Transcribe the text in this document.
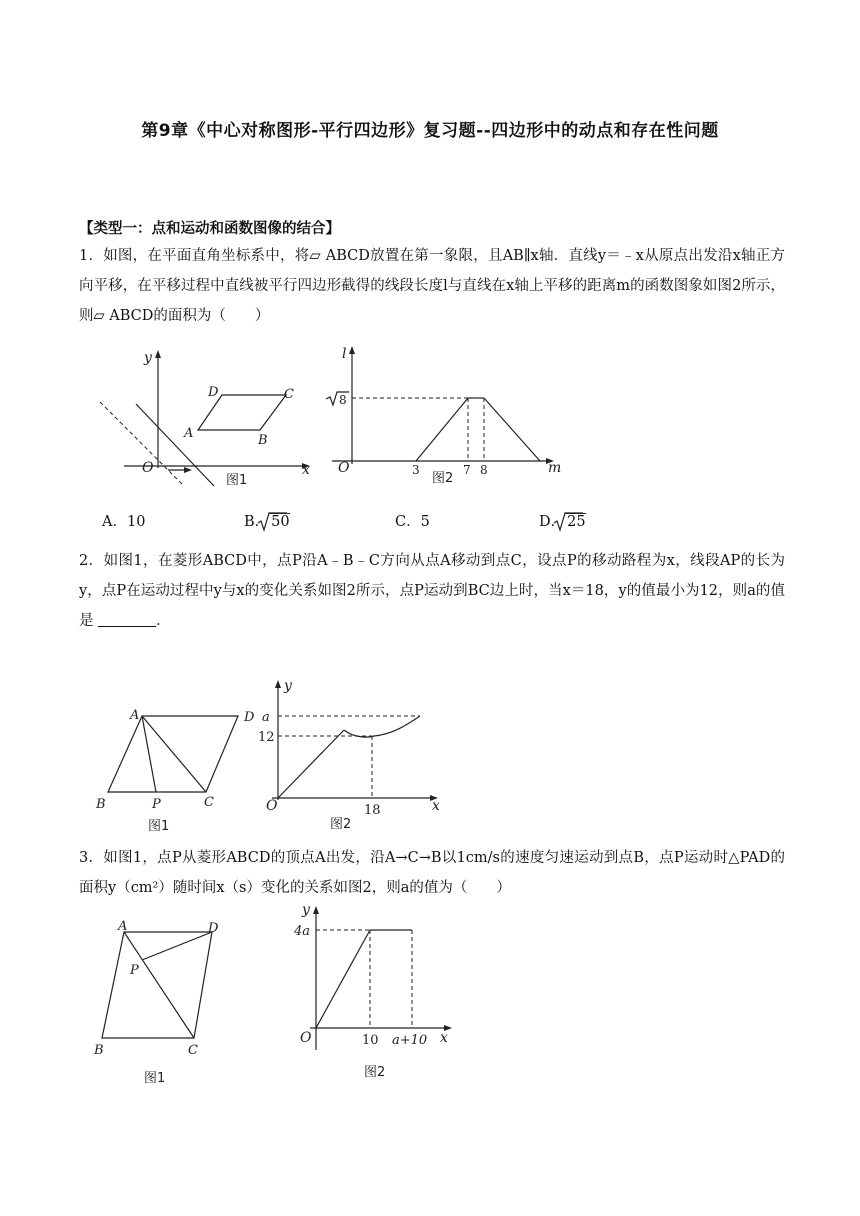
第9章《中心对称图形-平行四边形》复习题--四边形中的动点和存在性问题
【类型一：点和运动和函数图像的结合】
1．如图，在平面直角坐标系中，将▱ ABCD放置在第一象限，且AB∥x轴．直线y＝﹣x从原点出发沿x轴正方向平移，在平移过程中直线被平行四边形截得的线段长度l与直线在x轴上平移的距离m的函数图象如图2所示，则▱ ABCD的面积为（　　）
y
x
O
A	B
C
D
图1
l
m
O
8
3	7 8
图2
A．10	B． 50	C．5	D． 25
2．如图1，在菱形ABCD中，点P沿A﹣B﹣C方向从点A移动到点C，设点P的移动路程为x，线段AP的长为y，点P在运动过程中y与x的变化关系如图2所示，点P运动到BC边上时，当x＝18，y的值最小为12，则a的值是	．
A	D
B	P	C
图1
y
x
O
a
12
18
图2
3．如图1，点P从菱形ABCD的顶点A出发，沿A→C→B以1cm/s的速度匀速运动到点B，点P运动时△PAD的面积y（cm²）随时间x（s）变化的关系如图2，则a的值为（　　）
A	D
P
B	C
图1
y
x
O
4a
10 a+10
图2
